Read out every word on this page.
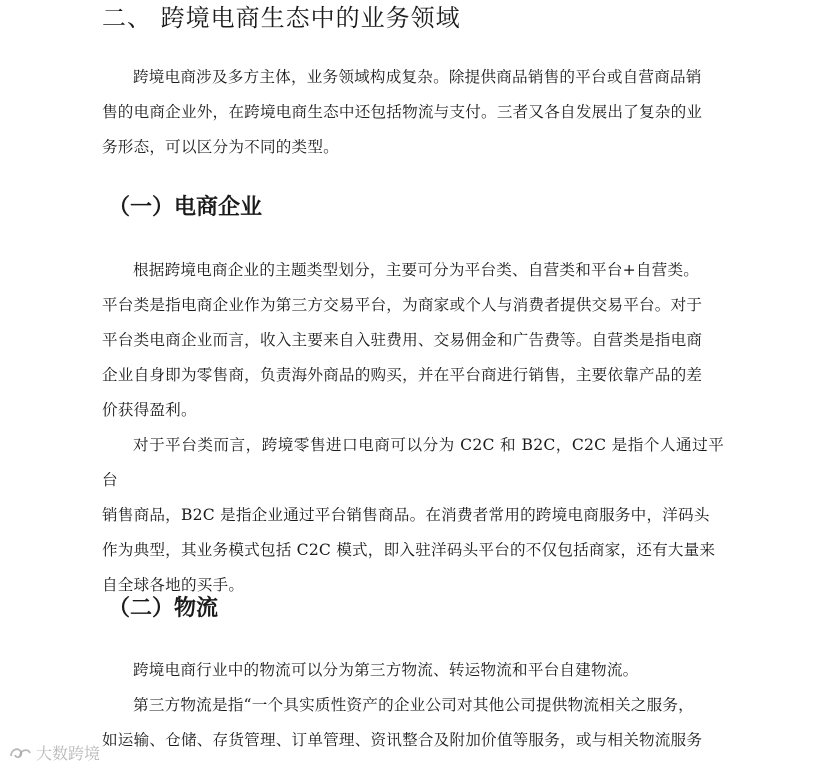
二、 跨境电商生态中的业务领域

跨境电商涉及多方主体，业务领域构成复杂。除提供商品销售的平台或自营商品销
售的电商企业外，在跨境电商生态中还包括物流与支付。三者又各自发展出了复杂的业
务形态，可以区分为不同的类型。

（一）电商企业

根据跨境电商企业的主题类型划分，主要可分为平台类、自营类和平台+自营类。
平台类是指电商企业作为第三方交易平台，为商家或个人与消费者提供交易平台。对于
平台类电商企业而言，收入主要来自入驻费用、交易佣金和广告费等。自营类是指电商
企业自身即为零售商，负责海外商品的购买，并在平台商进行销售，主要依靠产品的差
价获得盈利。

对于平台类而言，跨境零售进口电商可以分为 C2C 和 B2C，C2C 是指个人通过平台
销售商品，B2C 是指企业通过平台销售商品。在消费者常用的跨境电商服务中，洋码头
作为典型，其业务模式包括 C2C 模式，即入驻洋码头平台的不仅包括商家，还有大量来
自全球各地的买手。

（二）物流

跨境电商行业中的物流可以分为第三方物流、转运物流和平台自建物流。

第三方物流是指“一个具实质性资产的企业公司对其他公司提供物流相关之服务，
如运输、仓储、存货管理、订单管理、资讯整合及附加价值等服务，或与相关物流服务

大数跨境
